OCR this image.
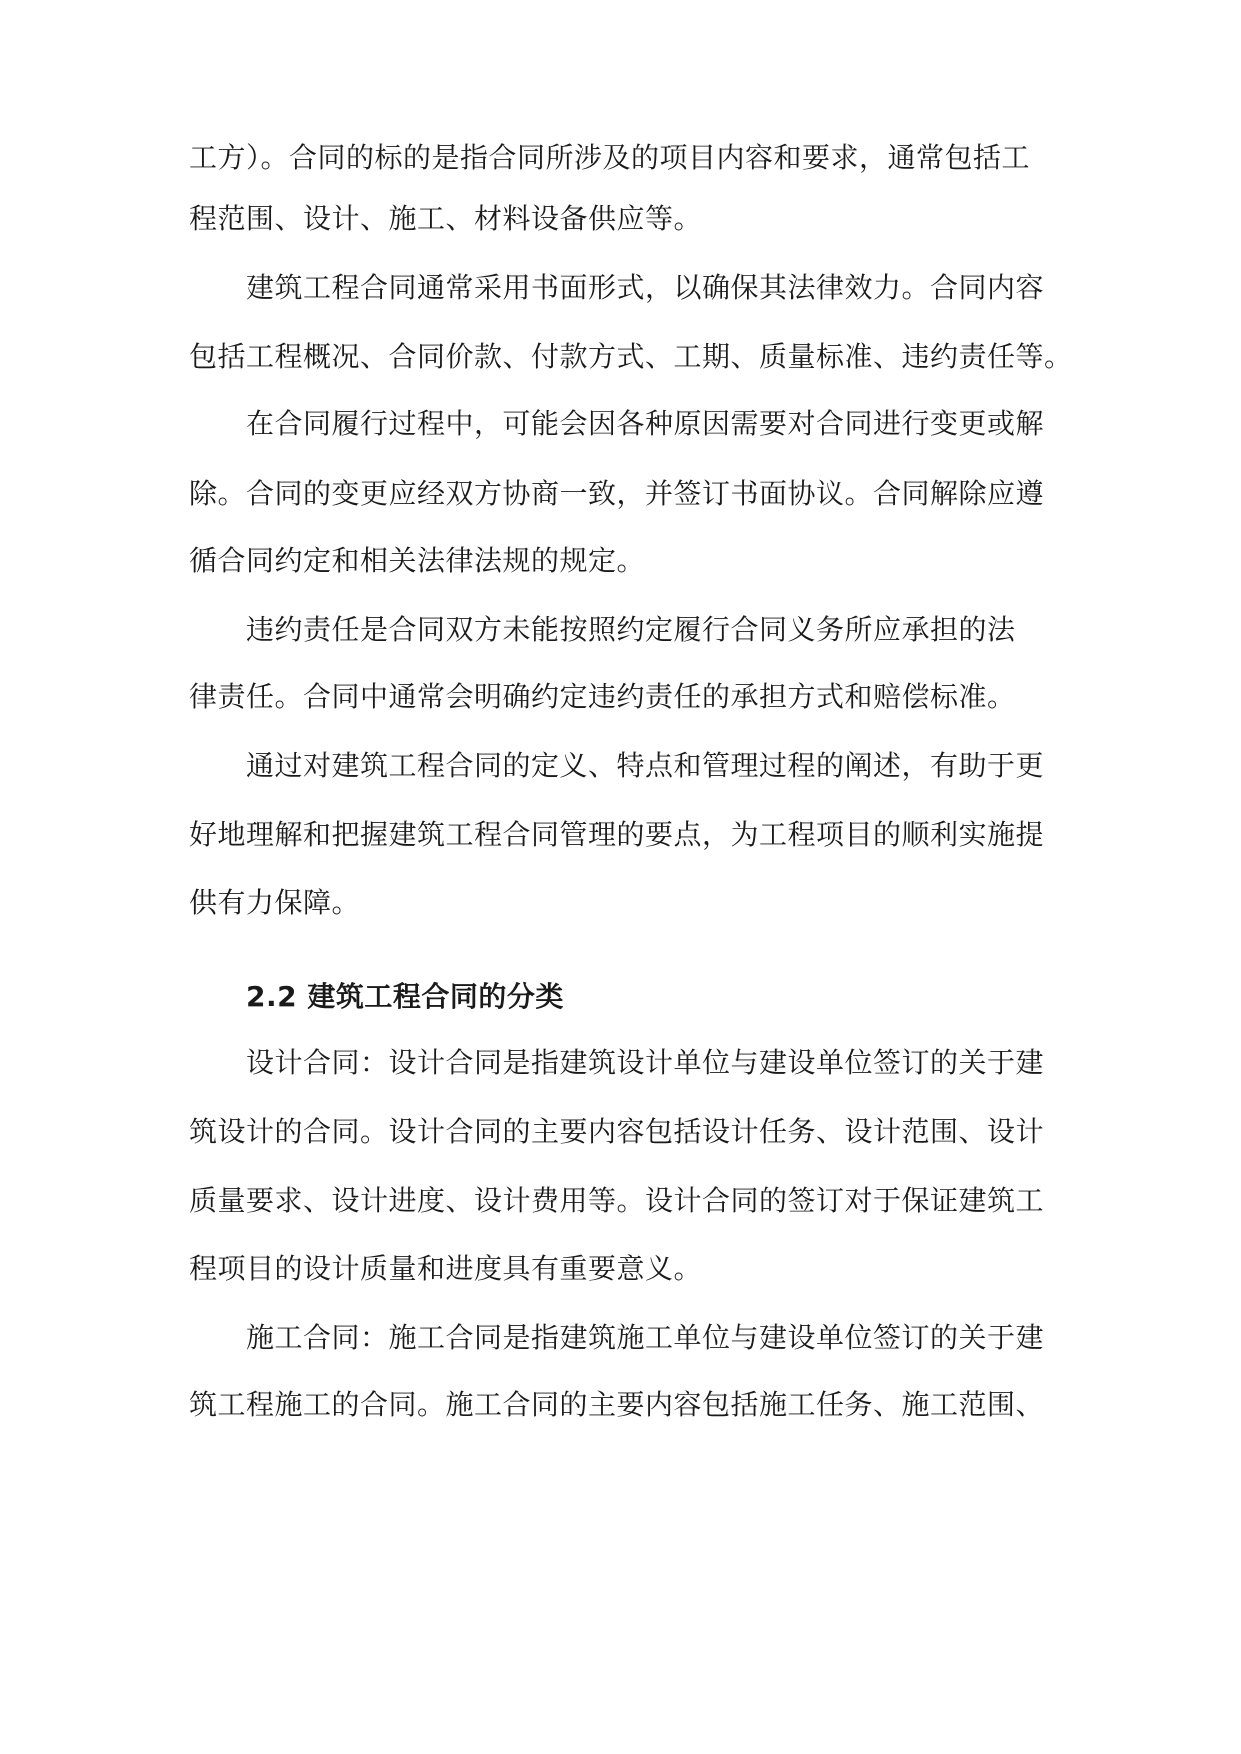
工方）。合同的标的是指合同所涉及的项目内容和要求，通常包括工
程范围、设计、施工、材料设备供应等。
建筑工程合同通常采用书面形式，以确保其法律效力。合同内容
包括工程概况、合同价款、付款方式、工期、质量标准、违约责任等。
在合同履行过程中，可能会因各种原因需要对合同进行变更或解
除。合同的变更应经双方协商一致，并签订书面协议。合同解除应遵
循合同约定和相关法律法规的规定。
违约责任是合同双方未能按照约定履行合同义务所应承担的法
律责任。合同中通常会明确约定违约责任的承担方式和赔偿标准。
通过对建筑工程合同的定义、特点和管理过程的阐述，有助于更
好地理解和把握建筑工程合同管理的要点，为工程项目的顺利实施提
供有力保障。
2.2 建筑工程合同的分类
设计合同：设计合同是指建筑设计单位与建设单位签订的关于建
筑设计的合同。设计合同的主要内容包括设计任务、设计范围、设计
质量要求、设计进度、设计费用等。设计合同的签订对于保证建筑工
程项目的设计质量和进度具有重要意义。
施工合同：施工合同是指建筑施工单位与建设单位签订的关于建
筑工程施工的合同。施工合同的主要内容包括施工任务、施工范围、
